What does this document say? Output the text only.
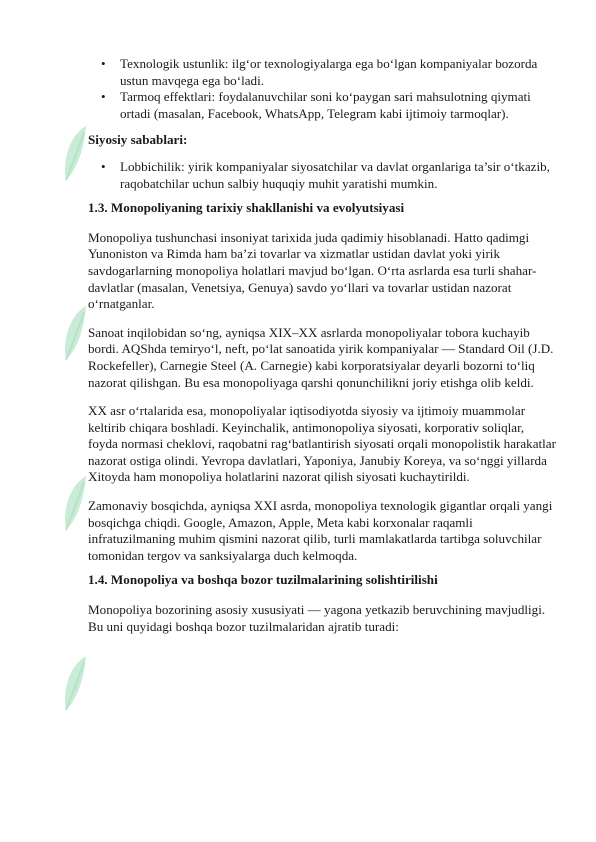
• Texnologik ustunlik: ilg‘or texnologiyalarga ega bo‘lgan kompaniyalar bozorda ustun mavqega ega bo‘ladi.
• Tarmoq effektlari: foydalanuvchilar soni ko‘paygan sari mahsulotning qiymati ortadi (masalan, Facebook, WhatsApp, Telegram kabi ijtimoiy tarmoqlar).

Siyosiy sabablari:

• Lobbichilik: yirik kompaniyalar siyosatchilar va davlat organlariga ta’sir o‘tkazib, raqobatchilar uchun salbiy huquqiy muhit yaratishi mumkin.
1.3. Monopoliyaning tarixiy shakllanishi va evolyutsiyasi

Monopoliya tushunchasi insoniyat tarixida juda qadimiy hisoblanadi. Hatto qadimgi Yunoniston va Rimda ham ba’zi tovarlar va xizmatlar ustidan davlat yoki yirik savdogarlarning monopoliya holatlari mavjud bo‘lgan. O‘rta asrlarda esa turli shahar-davlatlar (masalan, Venetsiya, Genuya) savdo yo‘llari va tovarlar ustidan nazorat o‘rnatganlar.

Sanoat inqilobidan so‘ng, ayniqsa XIX–XX asrlarda monopoliyalar tobora kuchayib bordi. AQShda temiryo‘l, neft, po‘lat sanoatida yirik kompaniyalar — Standard Oil (J.D. Rockefeller), Carnegie Steel (A. Carnegie) kabi korporatsiyalar deyarli bozorni to‘liq nazorat qilishgan. Bu esa monopoliyaga qarshi qonunchilikni joriy etishga olib keldi.

XX asr o‘rtalarida esa, monopoliyalar iqtisodiyotda siyosiy va ijtimoiy muammolar keltirib chiqara boshladi. Keyinchalik, antimonopoliya siyosati, korporativ soliqlar, foyda normasi cheklovi, raqobatni rag‘batlantirish siyosati orqali monopolistik harakatlar nazorat ostiga olindi. Yevropa davlatlari, Yaponiya, Janubiy Koreya, va so‘nggi yillarda Xitoyda ham monopoliya holatlarini nazorat qilish siyosati kuchaytirildi.

Zamonaviy bosqichda, ayniqsa XXI asrda, monopoliya texnologik gigantlar orqali yangi bosqichga chiqdi. Google, Amazon, Apple, Meta kabi korxonalar raqamli infratuzilmaning muhim qismini nazorat qilib, turli mamlakatlarda tartibga soluvchilar tomonidan tergov va sanksiyalarga duch kelmoqda.

1.4. Monopoliya va boshqa bozor tuzilmalarining solishtirilishi

Monopoliya bozorining asosiy xususiyati — yagona yetkazib beruvchining mavjudligi. Bu uni quyidagi boshqa bozor tuzilmalaridan ajratib turadi:
